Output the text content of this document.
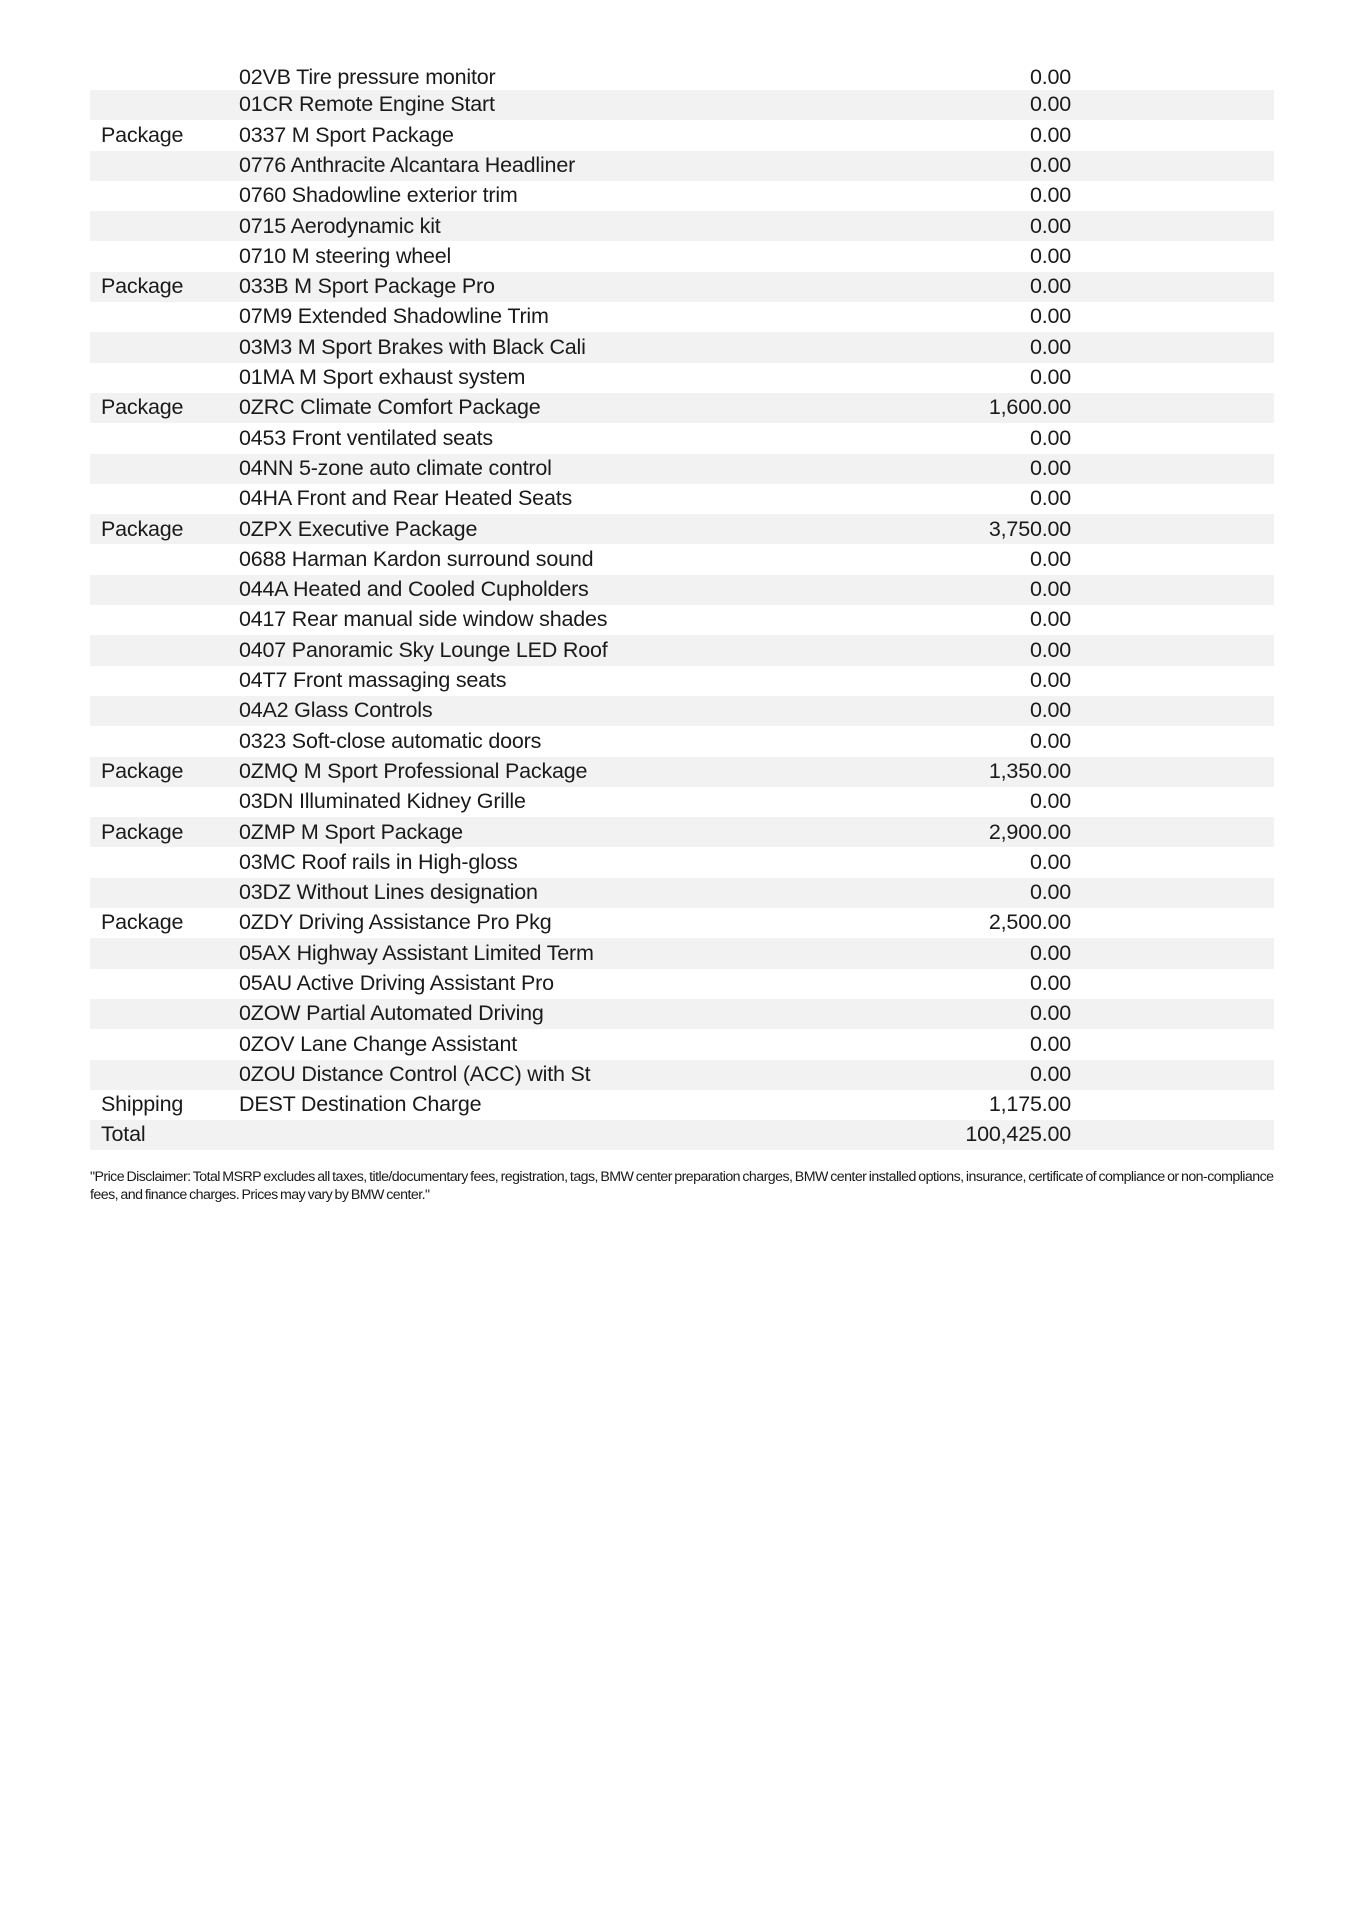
02VB Tire pressure monitor	0.00
01CR Remote Engine Start	0.00
Package	0337 M Sport Package	0.00
0776 Anthracite Alcantara Headliner	0.00
0760 Shadowline exterior trim	0.00
0715 Aerodynamic kit	0.00
0710 M steering wheel	0.00
Package	033B M Sport Package Pro	0.00
07M9 Extended Shadowline Trim	0.00
03M3 M Sport Brakes with Black Cali	0.00
01MA M Sport exhaust system	0.00
Package	0ZRC Climate Comfort Package	1,600.00
0453 Front ventilated seats	0.00
04NN 5-zone auto climate control	0.00
04HA Front and Rear Heated Seats	0.00
Package	0ZPX Executive Package	3,750.00
0688 Harman Kardon surround sound	0.00
044A Heated and Cooled Cupholders	0.00
0417 Rear manual side window shades	0.00
0407 Panoramic Sky Lounge LED Roof	0.00
04T7 Front massaging seats	0.00
04A2 Glass Controls	0.00
0323 Soft-close automatic doors	0.00
Package	0ZMQ M Sport Professional Package	1,350.00
03DN Illuminated Kidney Grille	0.00
Package	0ZMP M Sport Package	2,900.00
03MC Roof rails in High-gloss	0.00
03DZ Without Lines designation	0.00
Package	0ZDY Driving Assistance Pro Pkg	2,500.00
05AX Highway Assistant Limited Term	0.00
05AU Active Driving Assistant Pro	0.00
0ZOW Partial Automated Driving	0.00
0ZOV Lane Change Assistant	0.00
0ZOU Distance Control (ACC) with St	0.00
Shipping	DEST Destination Charge	1,175.00
Total	100,425.00
"Price Disclaimer: Total MSRP excludes all taxes, title/documentary fees, registration, tags, BMW center preparation charges, BMW center installed options, insurance, certificate of compliance or non-compliance fees, and finance charges. Prices may vary by BMW center."
